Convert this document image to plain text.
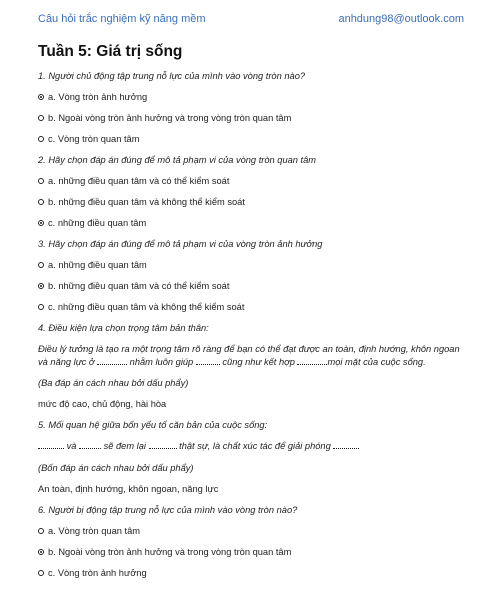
Câu hỏi trắc nghiệm kỹ năng mềm	anhdung98@outlook.com
Tuần 5: Giá trị sống
1. Người chủ động tập trung nỗ lực của mình vào vòng tròn nào?
a. Vòng tròn ảnh hưởng
b. Ngoài vòng tròn ảnh hưởng và trong vòng tròn quan tâm
c. Vòng tròn quan tâm
2. Hãy chọn đáp án đúng để mô tả phạm vi của vòng tròn quan tâm
a. những điều quan tâm và có thể kiểm soát
b. những điều quan tâm và không thể kiểm soát
c. những điều quan tâm
3. Hãy chọn đáp án đúng để mô tả phạm vi của vòng tròn ảnh hưởng
a. những điều quan tâm
b. những điều quan tâm và có thể kiểm soát
c. những điều quan tâm và không thể kiểm soát
4. Điều kiện lựa chọn trọng tâm bản thân:
Điều lý tưởng là tạo ra một trọng tâm rõ ràng để bạn có thể đạt được an toàn, định hướng, khôn ngoan và năng lực ở	nhằm luôn giúp	cũng như kết hợp	mọi mặt của cuộc sống.
(Ba đáp án cách nhau bởi dấu phẩy)
mức độ cao, chủ động, hài hòa
5. Mối quan hệ giữa bốn yếu tố căn bản của cuộc sống:
và  sẽ đem lại	thật sự, là chất xúc tác để giải phóng
(Bốn đáp án cách nhau bởi dấu phẩy)
An toàn, định hướng, khôn ngoan, năng lực
6. Người bị động tập trung nỗ lực của mình vào vòng tròn nào?
a. Vòng tròn quan tâm
b. Ngoài vòng tròn ảnh hưởng và trong vòng tròn quan tâm
c. Vòng tròn ảnh hưởng
